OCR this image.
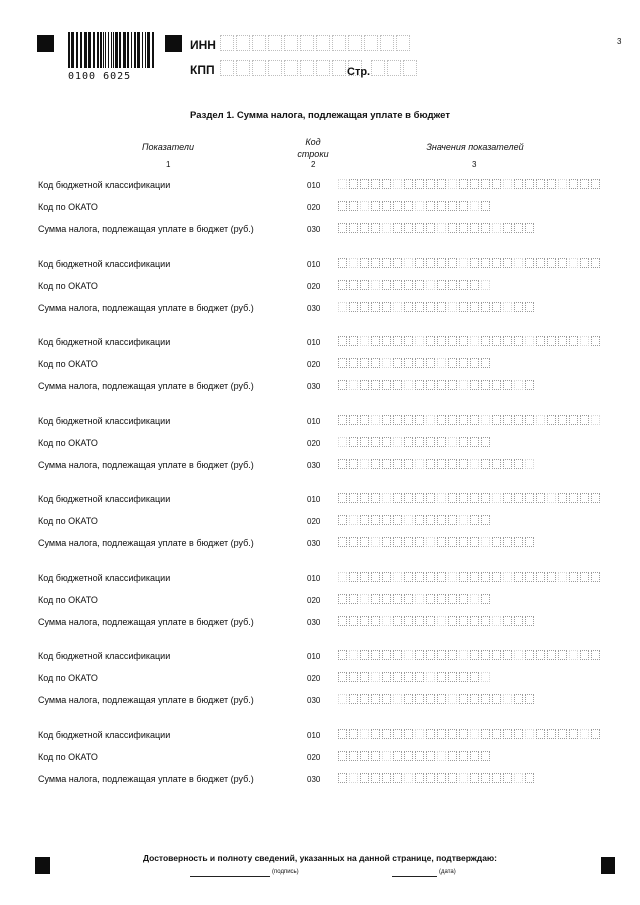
0100 6025
ИНН
КПП	Стр.
3
Раздел 1. Сумма налога, подлежащая уплате в бюджет
Показатели	Код строки
Значения показателей
1	2	3
Код бюджетной классификации	010
Код по ОКАТО	020
Сумма налога, подлежащая уплате в бюджет (руб.)	030
Код бюджетной классификации	010
Код по ОКАТО	020
Сумма налога, подлежащая уплате в бюджет (руб.)	030
Код бюджетной классификации	010
Код по ОКАТО	020
Сумма налога, подлежащая уплате в бюджет (руб.)	030
Код бюджетной классификации	010
Код по ОКАТО	020
Сумма налога, подлежащая уплате в бюджет (руб.)	030
Код бюджетной классификации	010
Код по ОКАТО	020
Сумма налога, подлежащая уплате в бюджет (руб.)	030
Код бюджетной классификации	010
Код по ОКАТО	020
Сумма налога, подлежащая уплате в бюджет (руб.)	030
Код бюджетной классификации	010
Код по ОКАТО	020
Сумма налога, подлежащая уплате в бюджет (руб.)	030
Код бюджетной классификации	010
Код по ОКАТО	020
Сумма налога, подлежащая уплате в бюджет (руб.)	030
Достоверность и полноту сведений, указанных на данной странице, подтверждаю:
(подпись)	(дата)
